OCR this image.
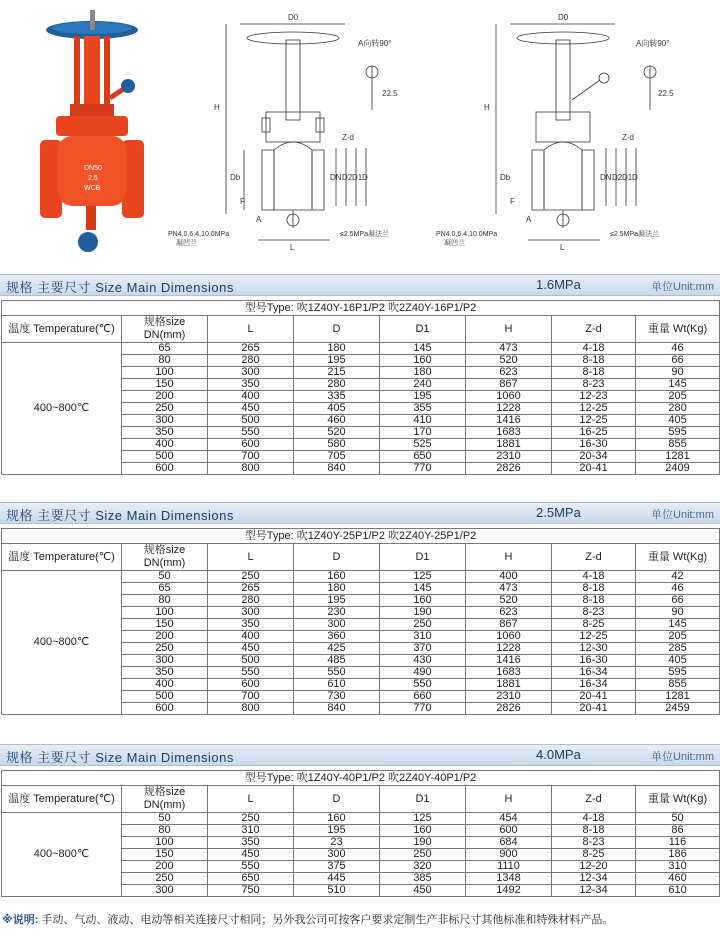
DN50
2.5
WCB
D0
A向转90°
H
22.5
Z-d
DN D2 D1 D
Db
F
A
L
PN4.0,6.4,10.0MPa
凝凹兰
≤2.5MPa凝法兰
D0
A向转90°
H
22.5
Z-d
DN D2 D1 D
Db
F
A
L
PN4.0,6.4,10.0MPa
凝凹兰
≤2.5MPa凝法兰
规格 主要尺寸 Size Main Dimensions	1.6MPa	单位Unit:mm
型号Type: 吹1Z40Y-16P1/P2 吹2Z40Y-16P1/P2							
温度 Temperature(℃)	规格size DN(mm)	L	D	D1	H	Z-d	重量 Wt(Kg)
400~800℃	65	265	180	145	473	4-18	46
	80	280	195	160	520	8-18	66
	100	300	215	180	623	8-18	90
	150	350	280	240	867	8-23	145
	200	400	335	195	1060	12-23	205
	250	450	405	355	1228	12-25	280
	300	500	460	410	1416	12-25	405
	350	550	520	170	1683	16-25	595
	400	600	580	525	1881	16-30	855
	500	700	705	650	2310	20-34	1281
	600	800	840	770	2826	20-41	2409
规格 主要尺寸 Size Main Dimensions	2.5MPa	单位Unit:mm
型号Type: 吹1Z40Y-25P1/P2 吹2Z40Y-25P1/P2							
温度 Temperature(℃)	规格size DN(mm)	L	D	D1	H	Z-d	重量 Wt(Kg)
400~800℃	50	250	160	125	400	4-18	42
	65	265	180	145	473	8-18	46
	80	280	195	160	520	8-18	66
	100	300	230	190	623	8-23	90
	150	350	300	250	867	8-25	145
	200	400	360	310	1060	12-25	205
	250	450	425	370	1228	12-30	285
	300	500	485	430	1416	16-30	405
	350	550	550	490	1683	16-34	595
	400	600	610	550	1881	16-34	855
	500	700	730	660	2310	20-41	1281
	600	800	840	770	2826	20-41	2459
规格 主要尺寸 Size Main Dimensions	4.0MPa	单位Unit:mm
型号Type: 吹1Z40Y-40P1/P2 吹2Z40Y-40P1/P2							
温度 Temperature(℃)	规格size DN(mm)	L	D	D1	H	Z-d	重量 Wt(Kg)
400~800℃	50	250	160	125	454	4-18	50
	80	310	195	160	600	8-18	86
	100	350	23	190	684	8-23	116
	150	450	300	250	900	8-25	186
	200	550	375	320	1110	12-20	310
	250	650	445	385	1348	12-34	460
	300	750	510	450	1492	12-34	610
※说明: 手动、气动、液动、电动等相关连接尺寸相同；另外我公司可按客户要求定制生产非标尺寸其他标准和特殊材料产品。
